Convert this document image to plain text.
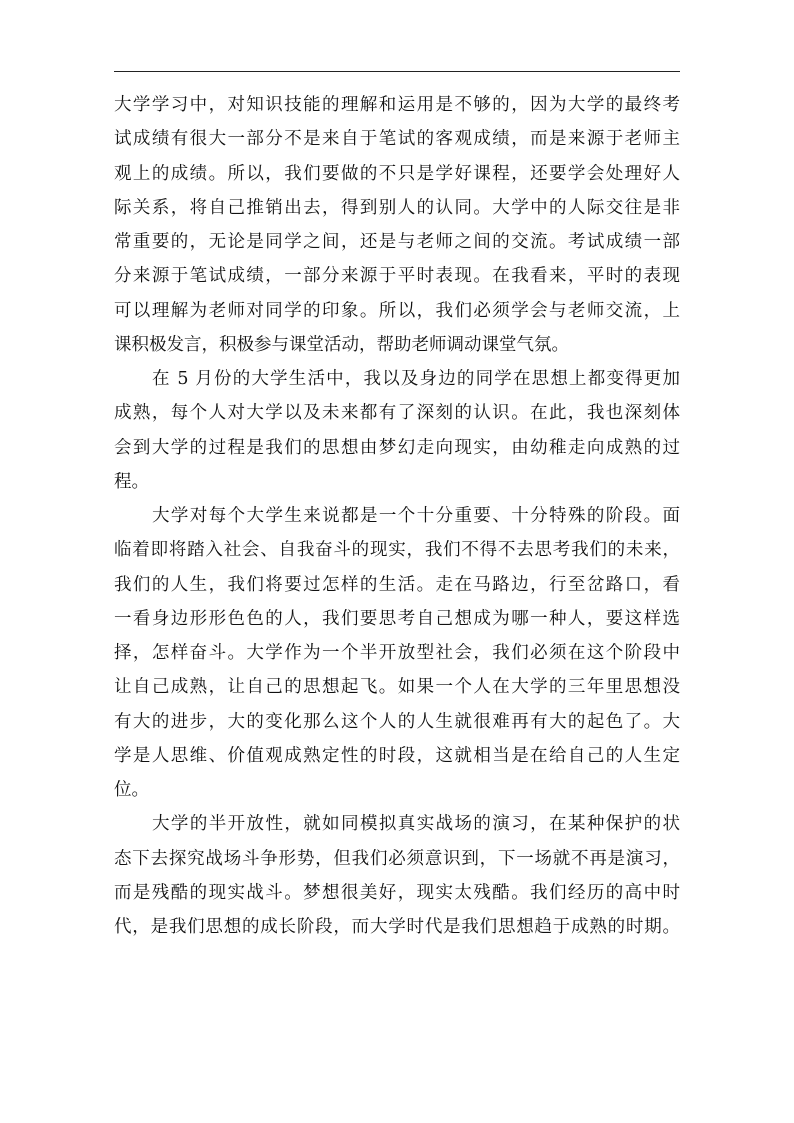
大学学习中，对知识技能的理解和运用是不够的，因为大学的最终考
试成绩有很大一部分不是来自于笔试的客观成绩，而是来源于老师主
观上的成绩。所以，我们要做的不只是学好课程，还要学会处理好人
际关系，将自己推销出去，得到别人的认同。大学中的人际交往是非
常重要的，无论是同学之间，还是与老师之间的交流。考试成绩一部
分来源于笔试成绩，一部分来源于平时表现。在我看来，平时的表现
可以理解为老师对同学的印象。所以，我们必须学会与老师交流，上
课积极发言，积极参与课堂活动，帮助老师调动课堂气氛。
在 5 月份的大学生活中，我以及身边的同学在思想上都变得更加
成熟，每个人对大学以及未来都有了深刻的认识。在此，我也深刻体
会到大学的过程是我们的思想由梦幻走向现实，由幼稚走向成熟的过
程。
大学对每个大学生来说都是一个十分重要、十分特殊的阶段。面
临着即将踏入社会、自我奋斗的现实，我们不得不去思考我们的未来，
我们的人生，我们将要过怎样的生活。走在马路边，行至岔路口，看
一看身边形形色色的人，我们要思考自己想成为哪一种人，要这样选
择，怎样奋斗。大学作为一个半开放型社会，我们必须在这个阶段中
让自己成熟，让自己的思想起飞。如果一个人在大学的三年里思想没
有大的进步，大的变化那么这个人的人生就很难再有大的起色了。大
学是人思维、价值观成熟定性的时段，这就相当是在给自己的人生定
位。
大学的半开放性，就如同模拟真实战场的演习，在某种保护的状
态下去探究战场斗争形势，但我们必须意识到，下一场就不再是演习，
而是残酷的现实战斗。梦想很美好，现实太残酷。我们经历的高中时
代，是我们思想的成长阶段，而大学时代是我们思想趋于成熟的时期。
